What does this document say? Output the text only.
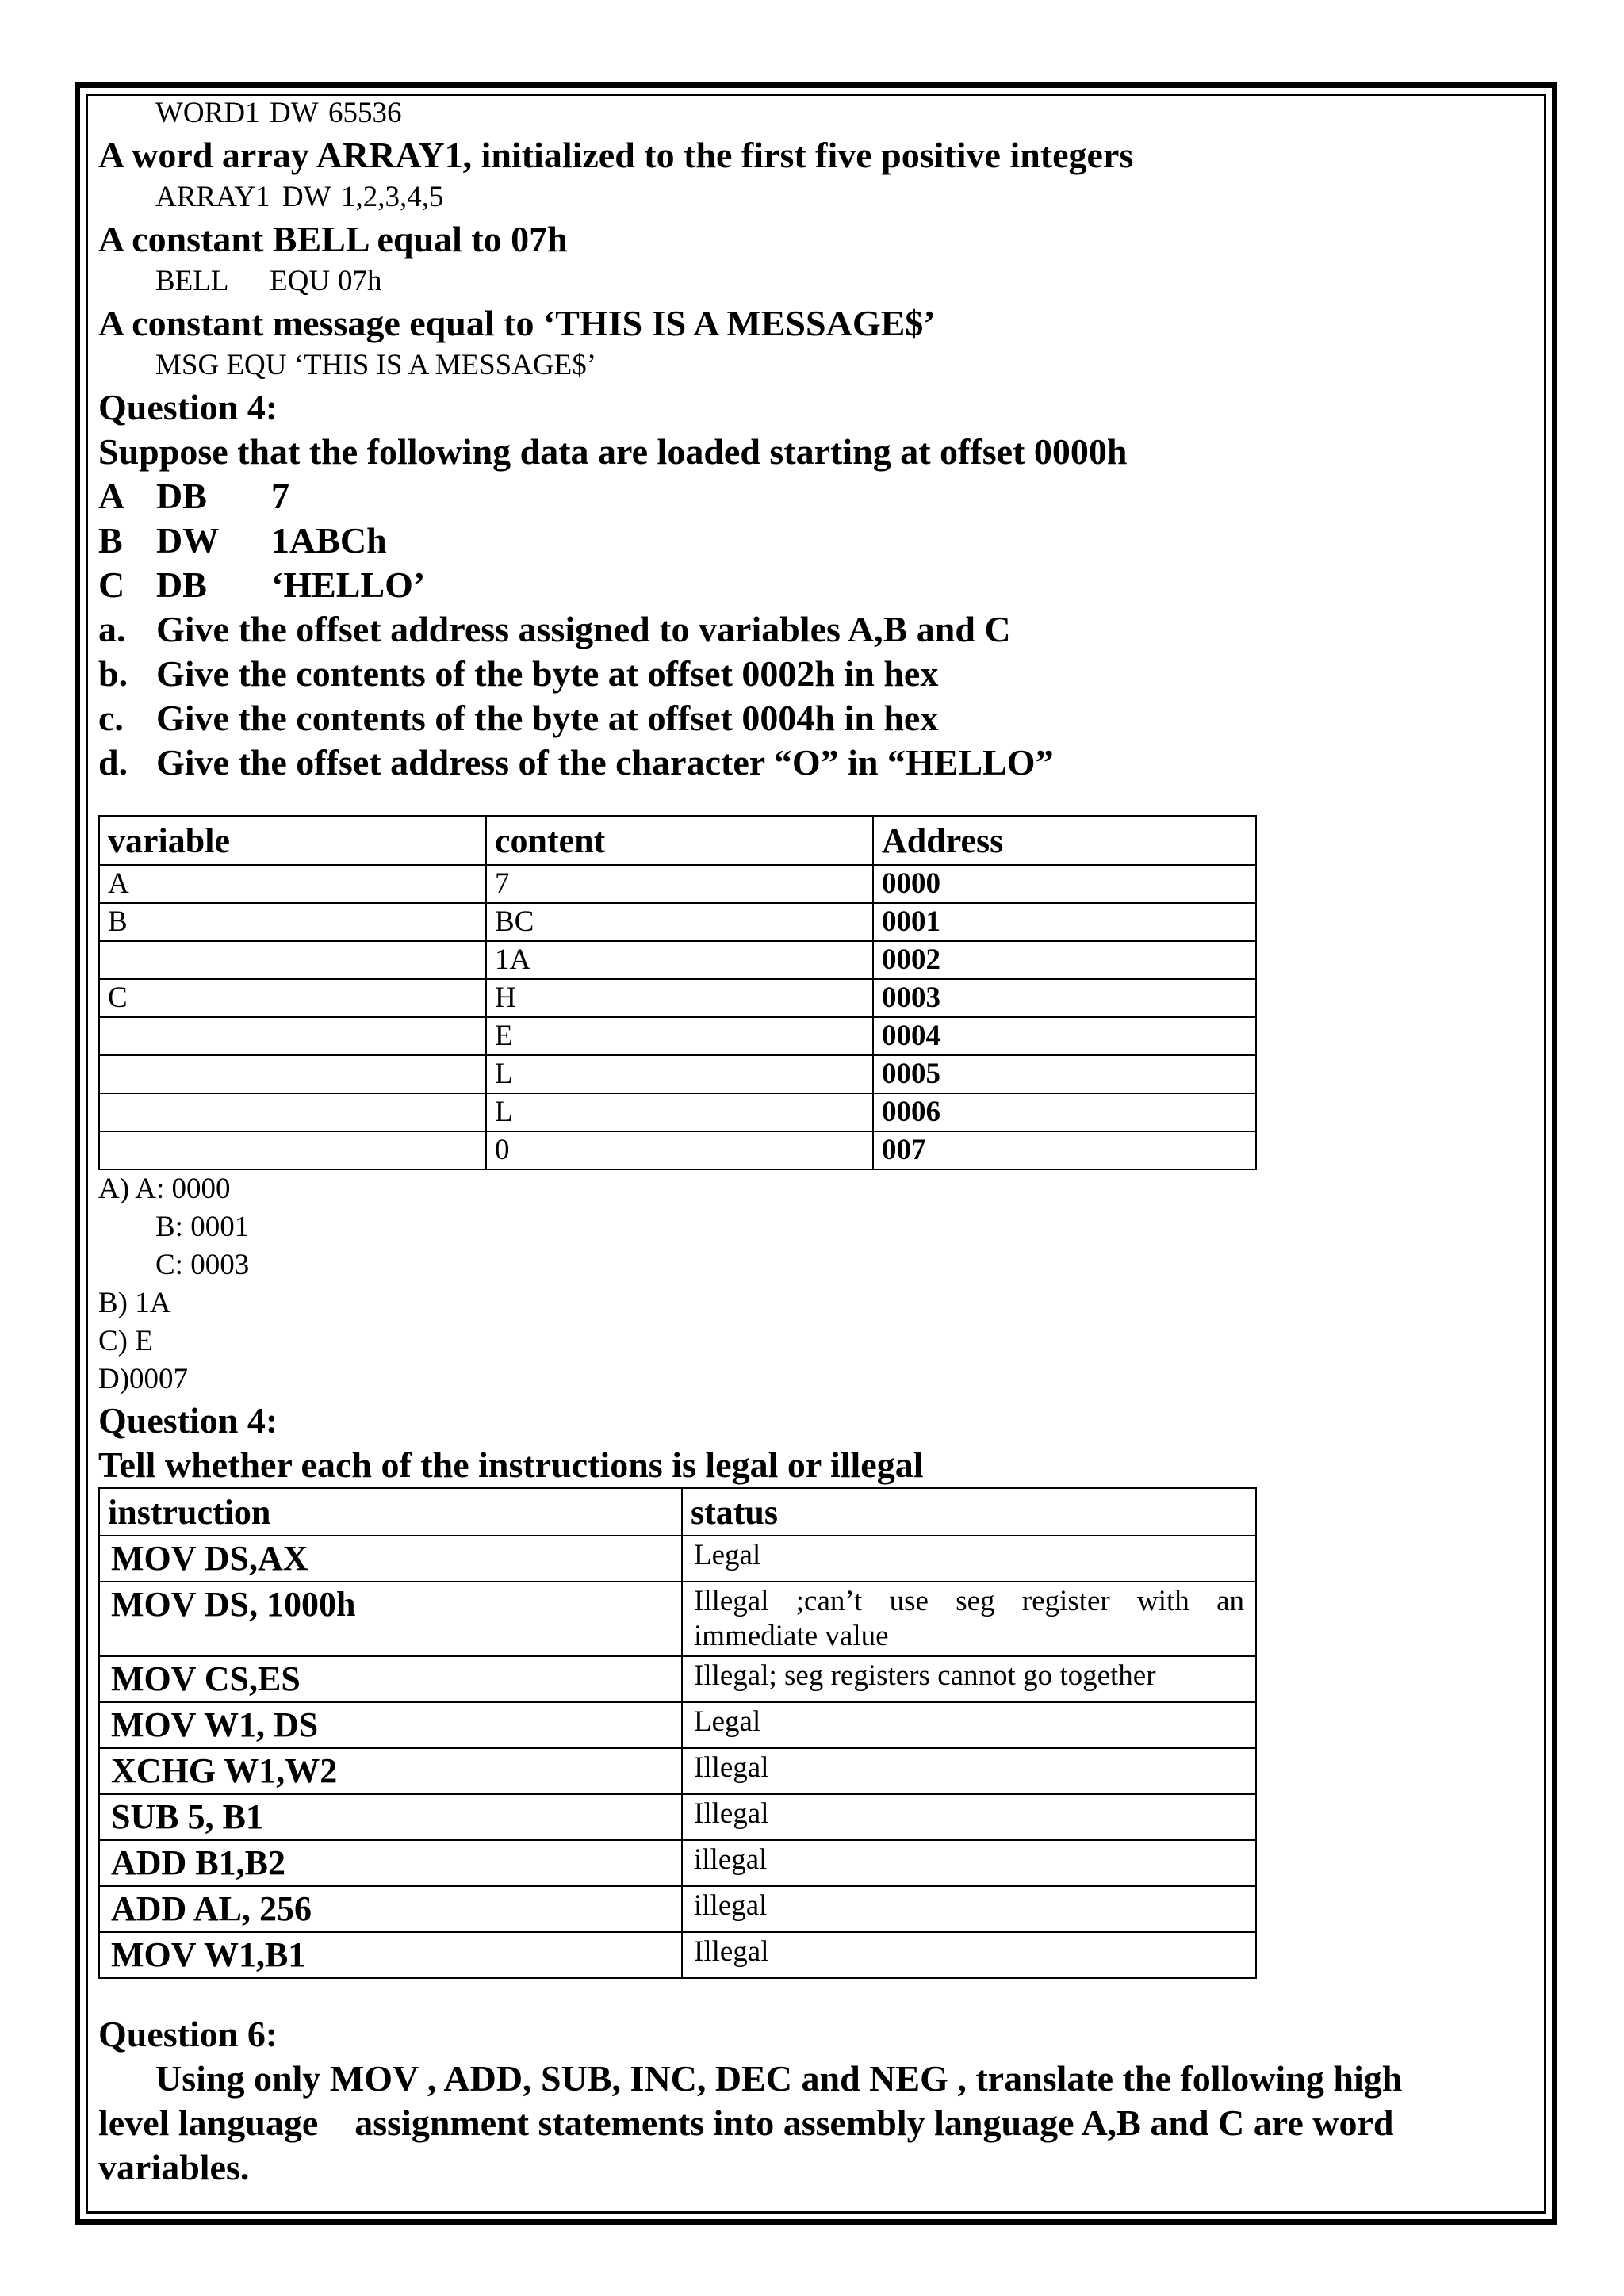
WORD1 DW 65536
A word array ARRAY1, initialized to the first five positive integers
ARRAY1 DW 1,2,3,4,5
A constant BELL equal to 07h
BELL	EQU 07h
A constant message equal to ‘THIS IS A MESSAGE$’
MSG EQU ‘THIS IS A MESSAGE$’
Question 4:
Suppose that the following data are loaded starting at offset 0000h
A DB	7
B DW	1ABCh
C DB	‘HELLO’
a. Give the offset address assigned to variables A,B and C
b. Give the contents of the byte at offset 0002h in hex
c. Give the contents of the byte at offset 0004h in hex
d. Give the offset address of the character “O” in “HELLO”
variable	content	Address
A	7	0000
B	BC	0001
	1A	0002
C	H	0003
	E	0004
	L	0005
	L	0006
	0	007
A) A: 0000
B: 0001
C: 0003
B) 1A
C) E
D)0007
Question 4:
Tell whether each of the instructions is legal or illegal
instruction	status
MOV DS,AX	Legal
MOV DS, 1000h	Illegal ;can’t use seg register with an immediate value
MOV CS,ES	Illegal; seg registers cannot go together
MOV W1, DS	Legal
XCHG W1,W2	Illegal
SUB 5, B1	Illegal
ADD B1,B2	illegal
ADD AL, 256	illegal
MOV W1,B1	Illegal
Question 6:
Using only MOV , ADD, SUB, INC, DEC and NEG , translate the following high
level language    assignment statements into assembly language A,B and C are word
variables.
